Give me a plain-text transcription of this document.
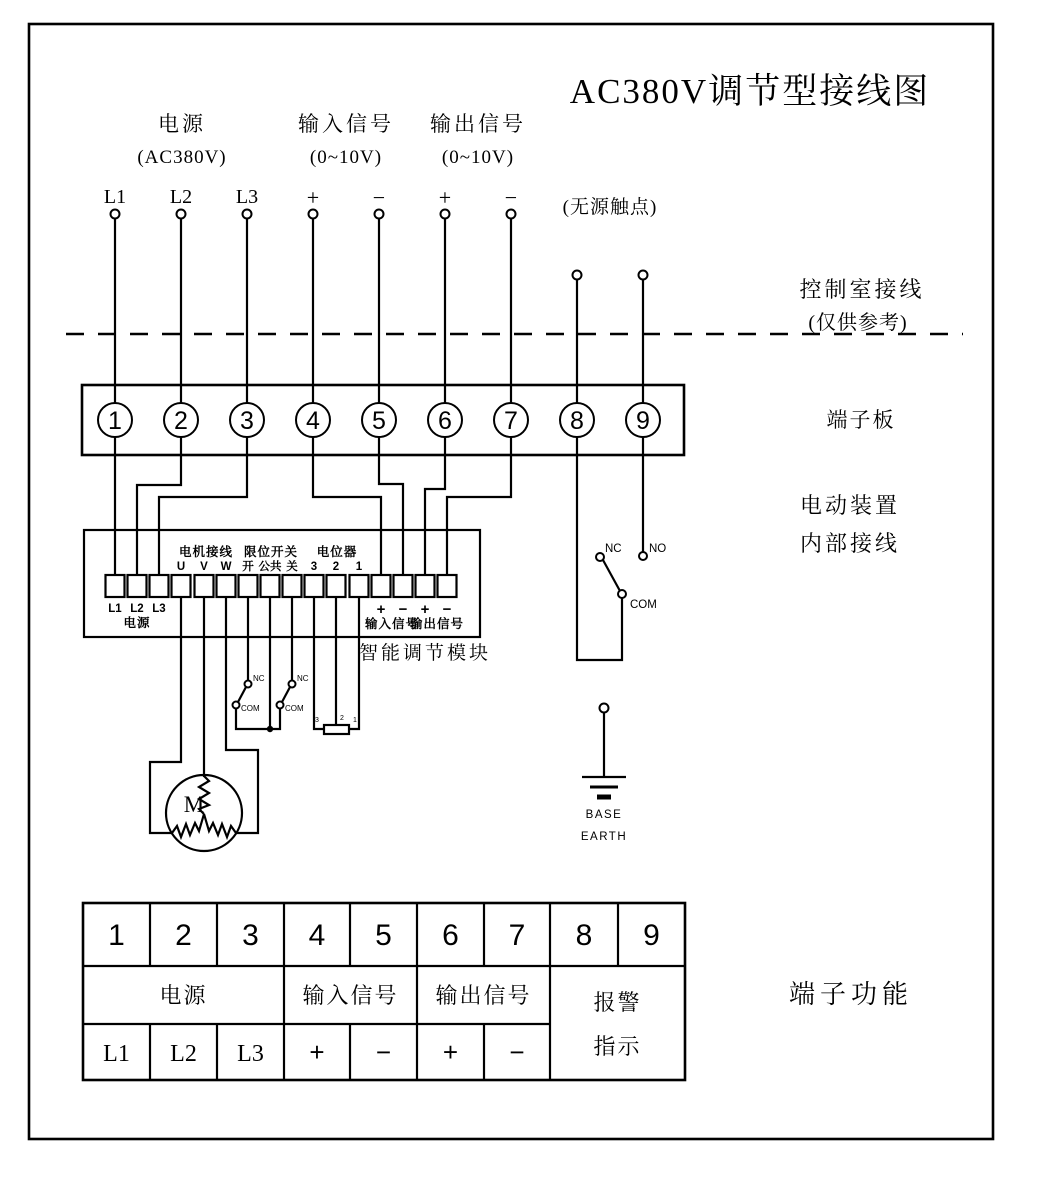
AC380V调节型接线图
电源
(AC380V)
输入信号
(0~10V)
输出信号
(0~10V)
L1 L2 L3 + − + − (无源触点)
控制室接线
(仅供参考)
端子板
1 2 3 4 5 6 7 8 9
电动装置
内部接线
NC NO
COM
智能调节模块
电机接线 限位开关 电位器
U V W 开 公共 关 3 2 1
L1 L2 L3
电源
+ − + −
输入信号
输出信号
NC
COM
NC
COM
3	2 1
M	BASE
EARTH
1 2 3 4 5 6 7 8 9
电源	输入信号 输出信号	报警
指示
L1 L2 L3 + − + −
端子功能
